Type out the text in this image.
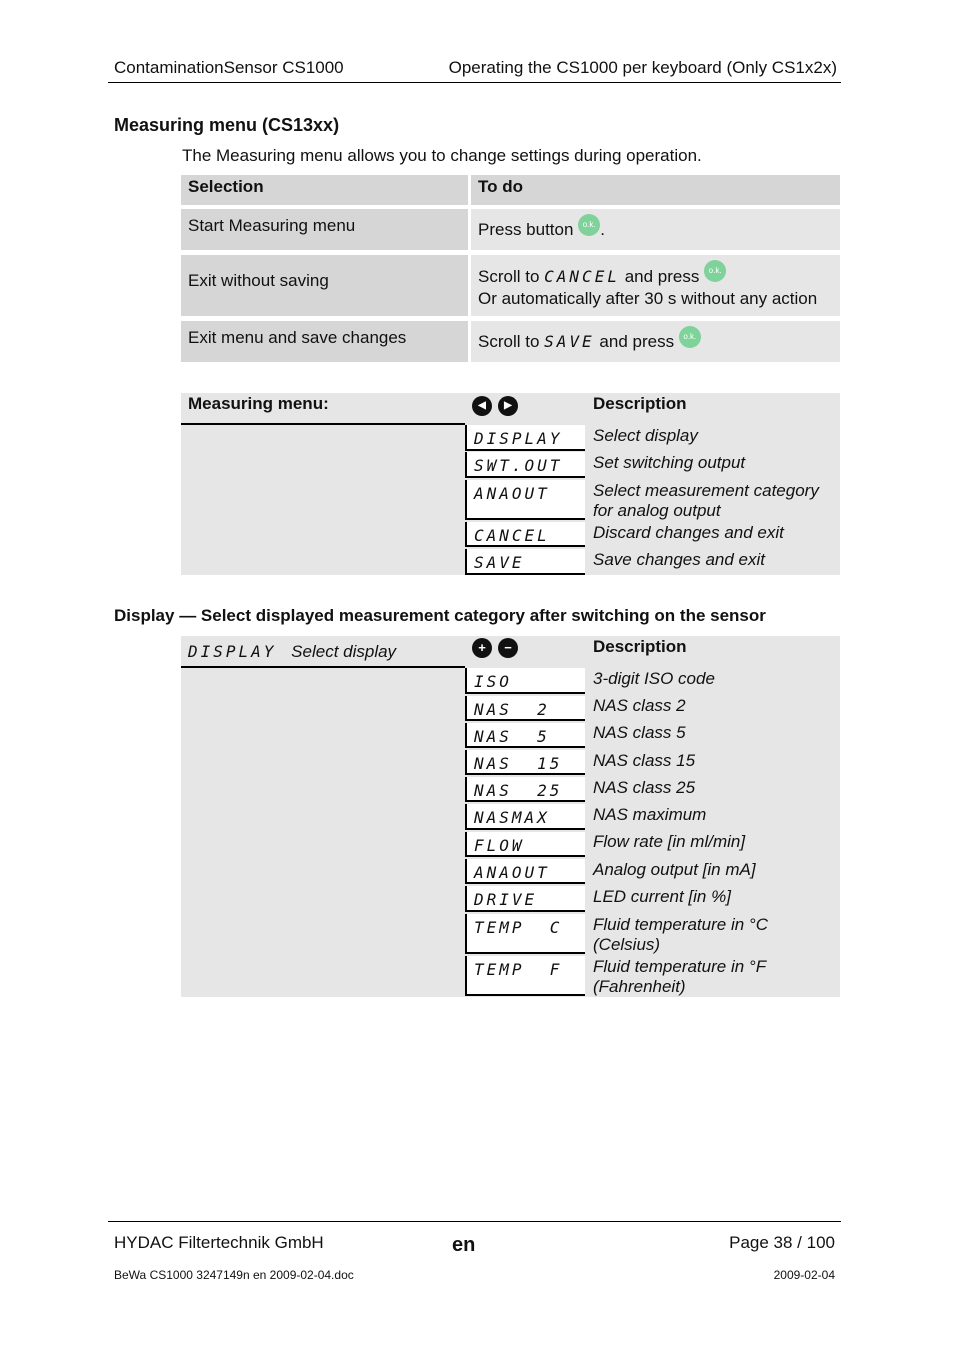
ContaminationSensor CS1000	Operating the CS1000 per keyboard (Only CS1x2x)
Measuring menu (CS13xx)
The Measuring menu allows you to change settings during operation.
Selection	To do
Start Measuring menu	Press button o.k. .
Exit without saving	Scroll to CANCEL and press o.k.
Or automatically after 30 s without any action
Exit menu and save changes	Scroll to SAVE and press o.k.
Measuring menu:	◀ ▶	Description
DISPLAY	Select display
SWT.OUT	Set switching output
ANAOUT	Select measurement category for analog output
CANCEL	Discard changes and exit
SAVE	Save changes and exit
Display — Select displayed measurement category after switching on the sensor
DISPLAY Select display	+ −	Description
ISO	3-digit ISO code
NAS  2	NAS class 2
NAS  5	NAS class 5
NAS  15	NAS class 15
NAS  25	NAS class 25
NASMAX	NAS maximum
FLOW	Flow rate [in ml/min]
ANAOUT	Analog output [in mA]
DRIVE	LED current [in %]
TEMP  C	Fluid temperature in °C (Celsius)
TEMP  F	Fluid temperature in °F (Fahrenheit)
HYDAC Filtertechnik GmbH	en	Page 38 / 100
BeWa CS1000 3247149n en 2009-02-04.doc	2009-02-04
